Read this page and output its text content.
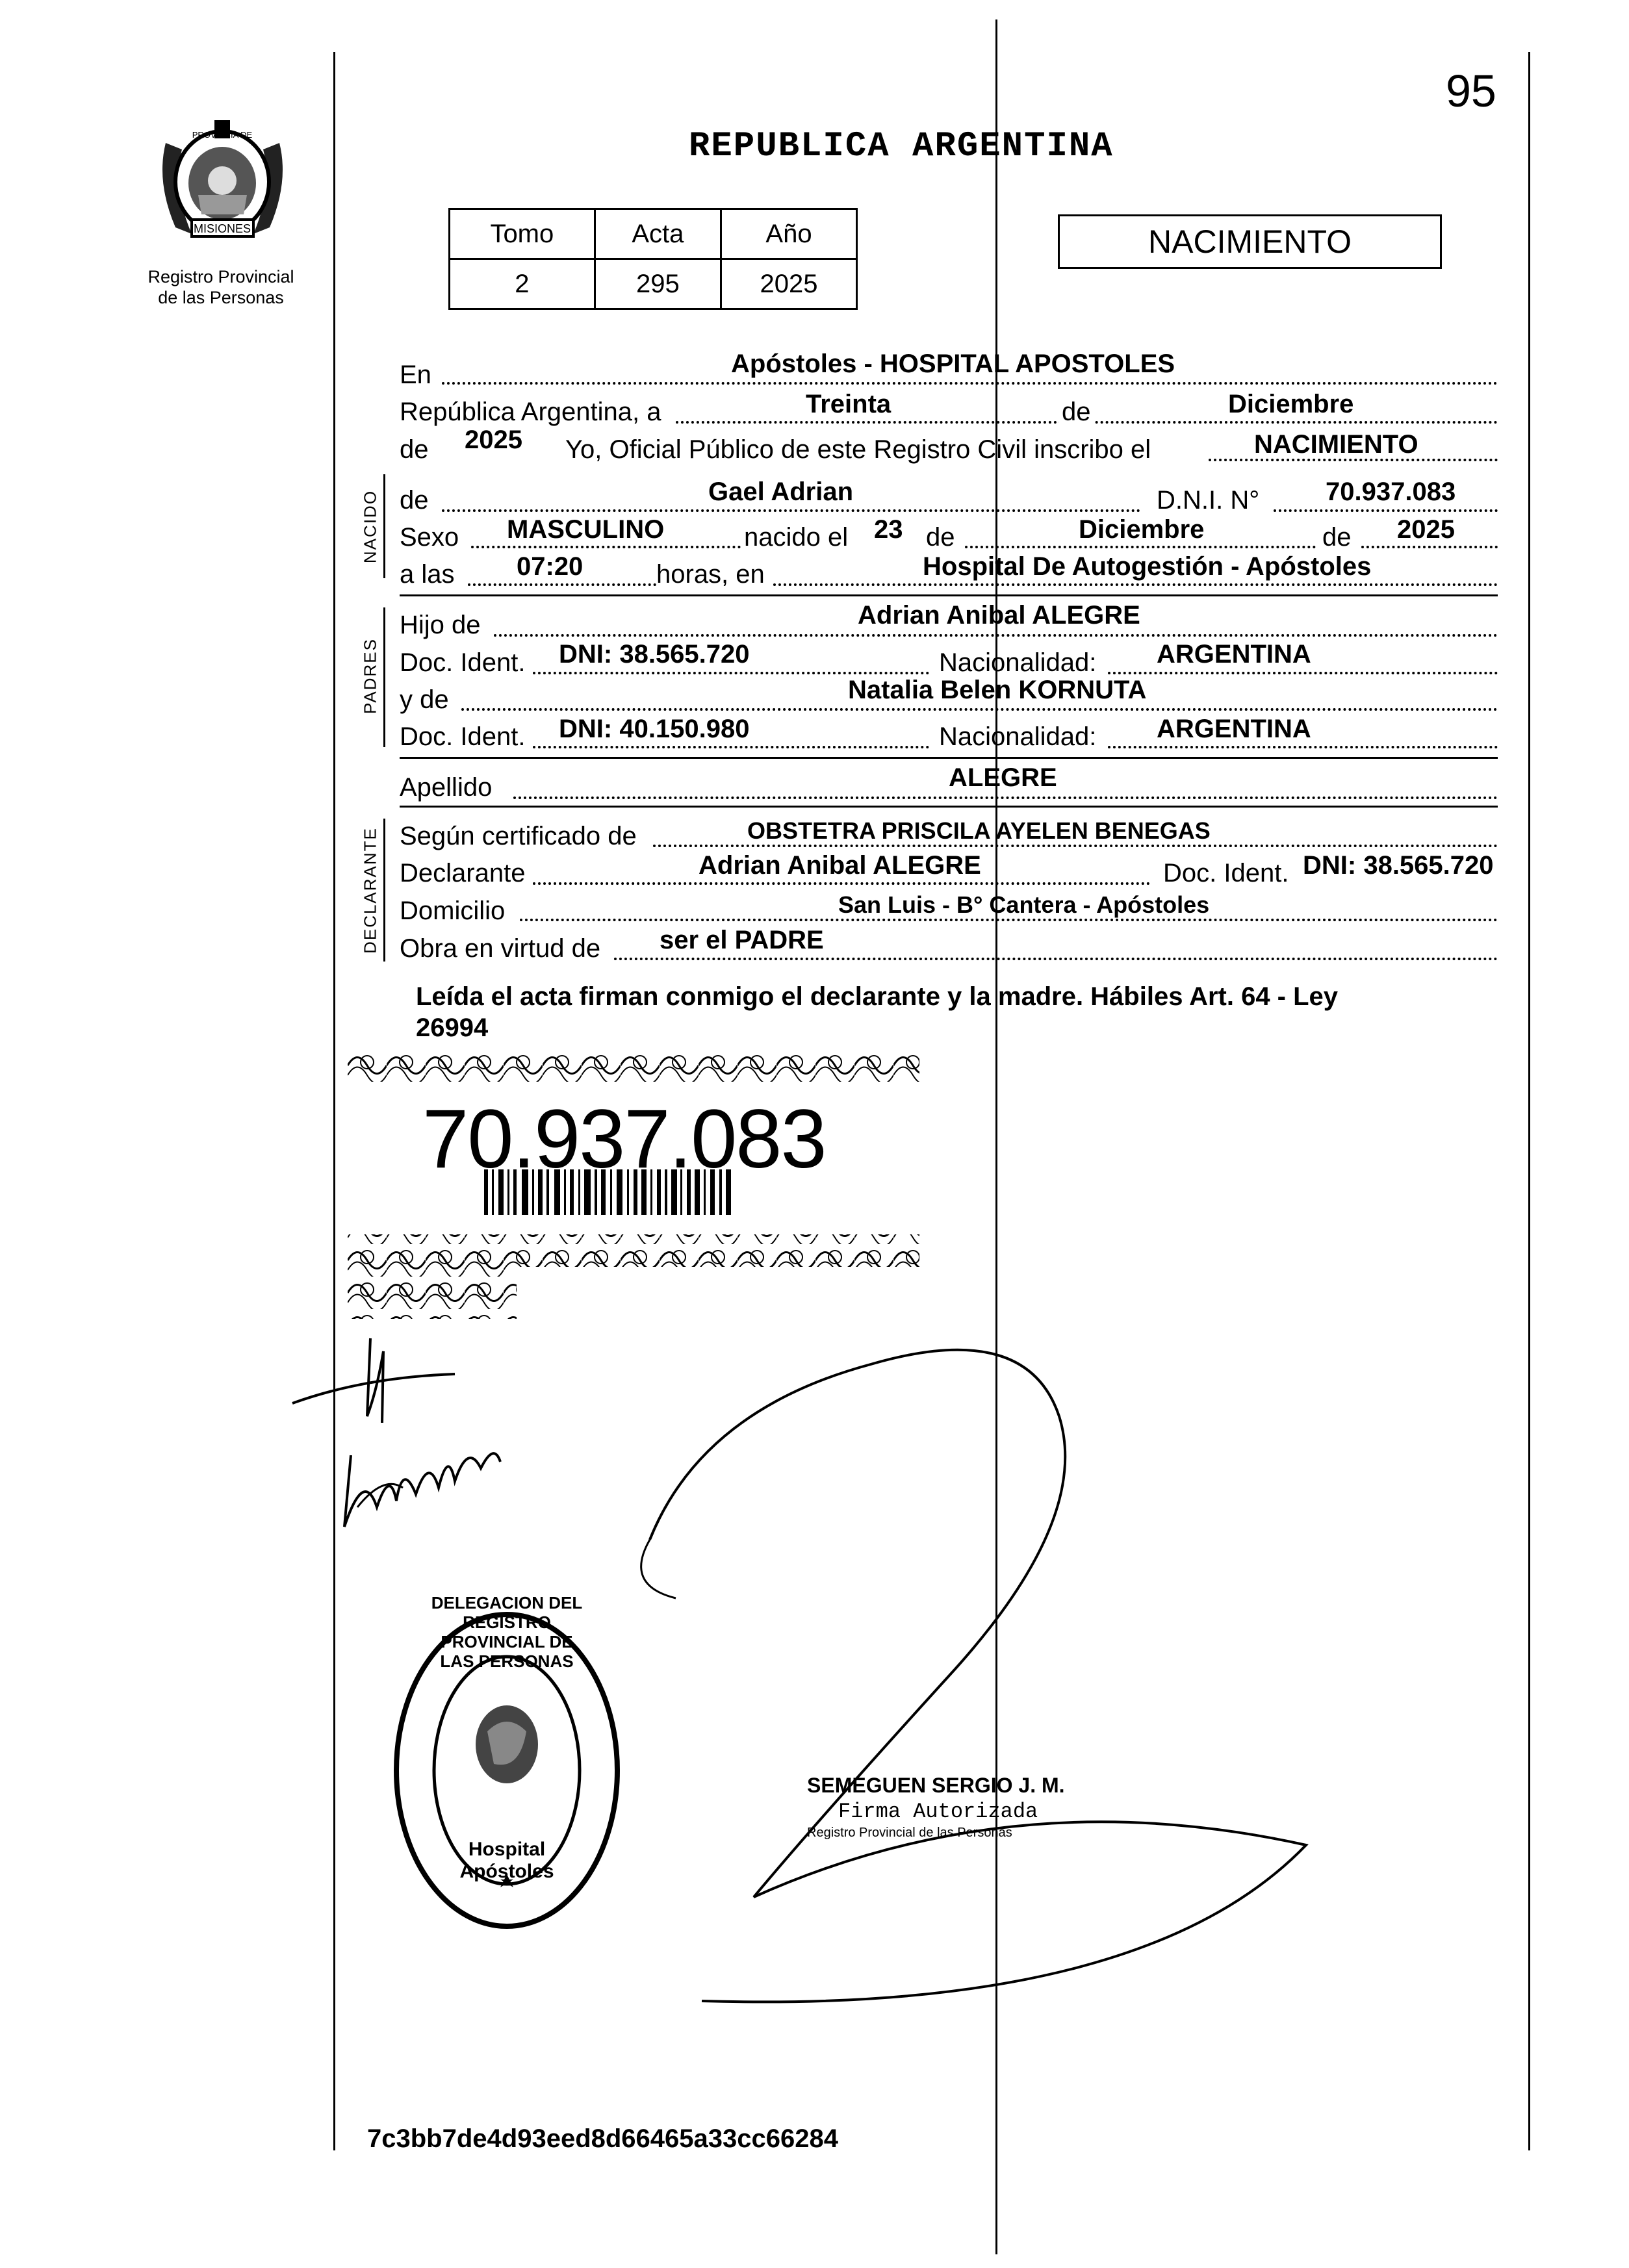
95
MISIONES
PROVINCIA DE
Registro Provincial
de las Personas
REPUBLICA ARGENTINA
Tomo	Acta	Año
2	295	2025
NACIMIENTO
En	Apóstoles - HOSPITAL APOSTOLES
República Argentina, a	Treinta	de	Diciembre
de 2025 Yo, Oficial Público de este Registro Civil inscribo el	NACIMIENTO
NACIDO de	Gael Adrian	D.N.I. N°	70.937.083
Sexo MASCULINO	nacido el 23 de	Diciembre	de 2025
a las 07:20	horas, en	Hospital De Autogestión - Apóstoles
PADRES
Hijo de	Adrian Anibal ALEGRE
Doc. Ident. DNI: 38.565.720	Nacionalidad: ARGENTINA
y de	Natalia Belen KORNUTA
Doc. Ident. DNI: 40.150.980	Nacionalidad: ARGENTINA
Apellido	ALEGRE
DECLARANTE Según certificado de	OBSTETRA PRISCILA AYELEN BENEGAS
Declarante	Adrian Anibal ALEGRE	Doc. Ident. DNI: 38.565.720
Domicilio	San Luis - B° Cantera - Apóstoles
Obra en virtud de ser el PADRE
Leída el acta firman conmigo el declarante y la madre. Hábiles Art. 64 - Ley
26994
70.937.083
DELEGACION DEL REGISTRO PROVINCIAL DE LAS PERSONAS
Hospital Apóstoles
SEMEGUEN SERGIO J. M.
Firma Autorizada
Registro Provincial de las Personas
7c3bb7de4d93eed8d66465a33cc66284
